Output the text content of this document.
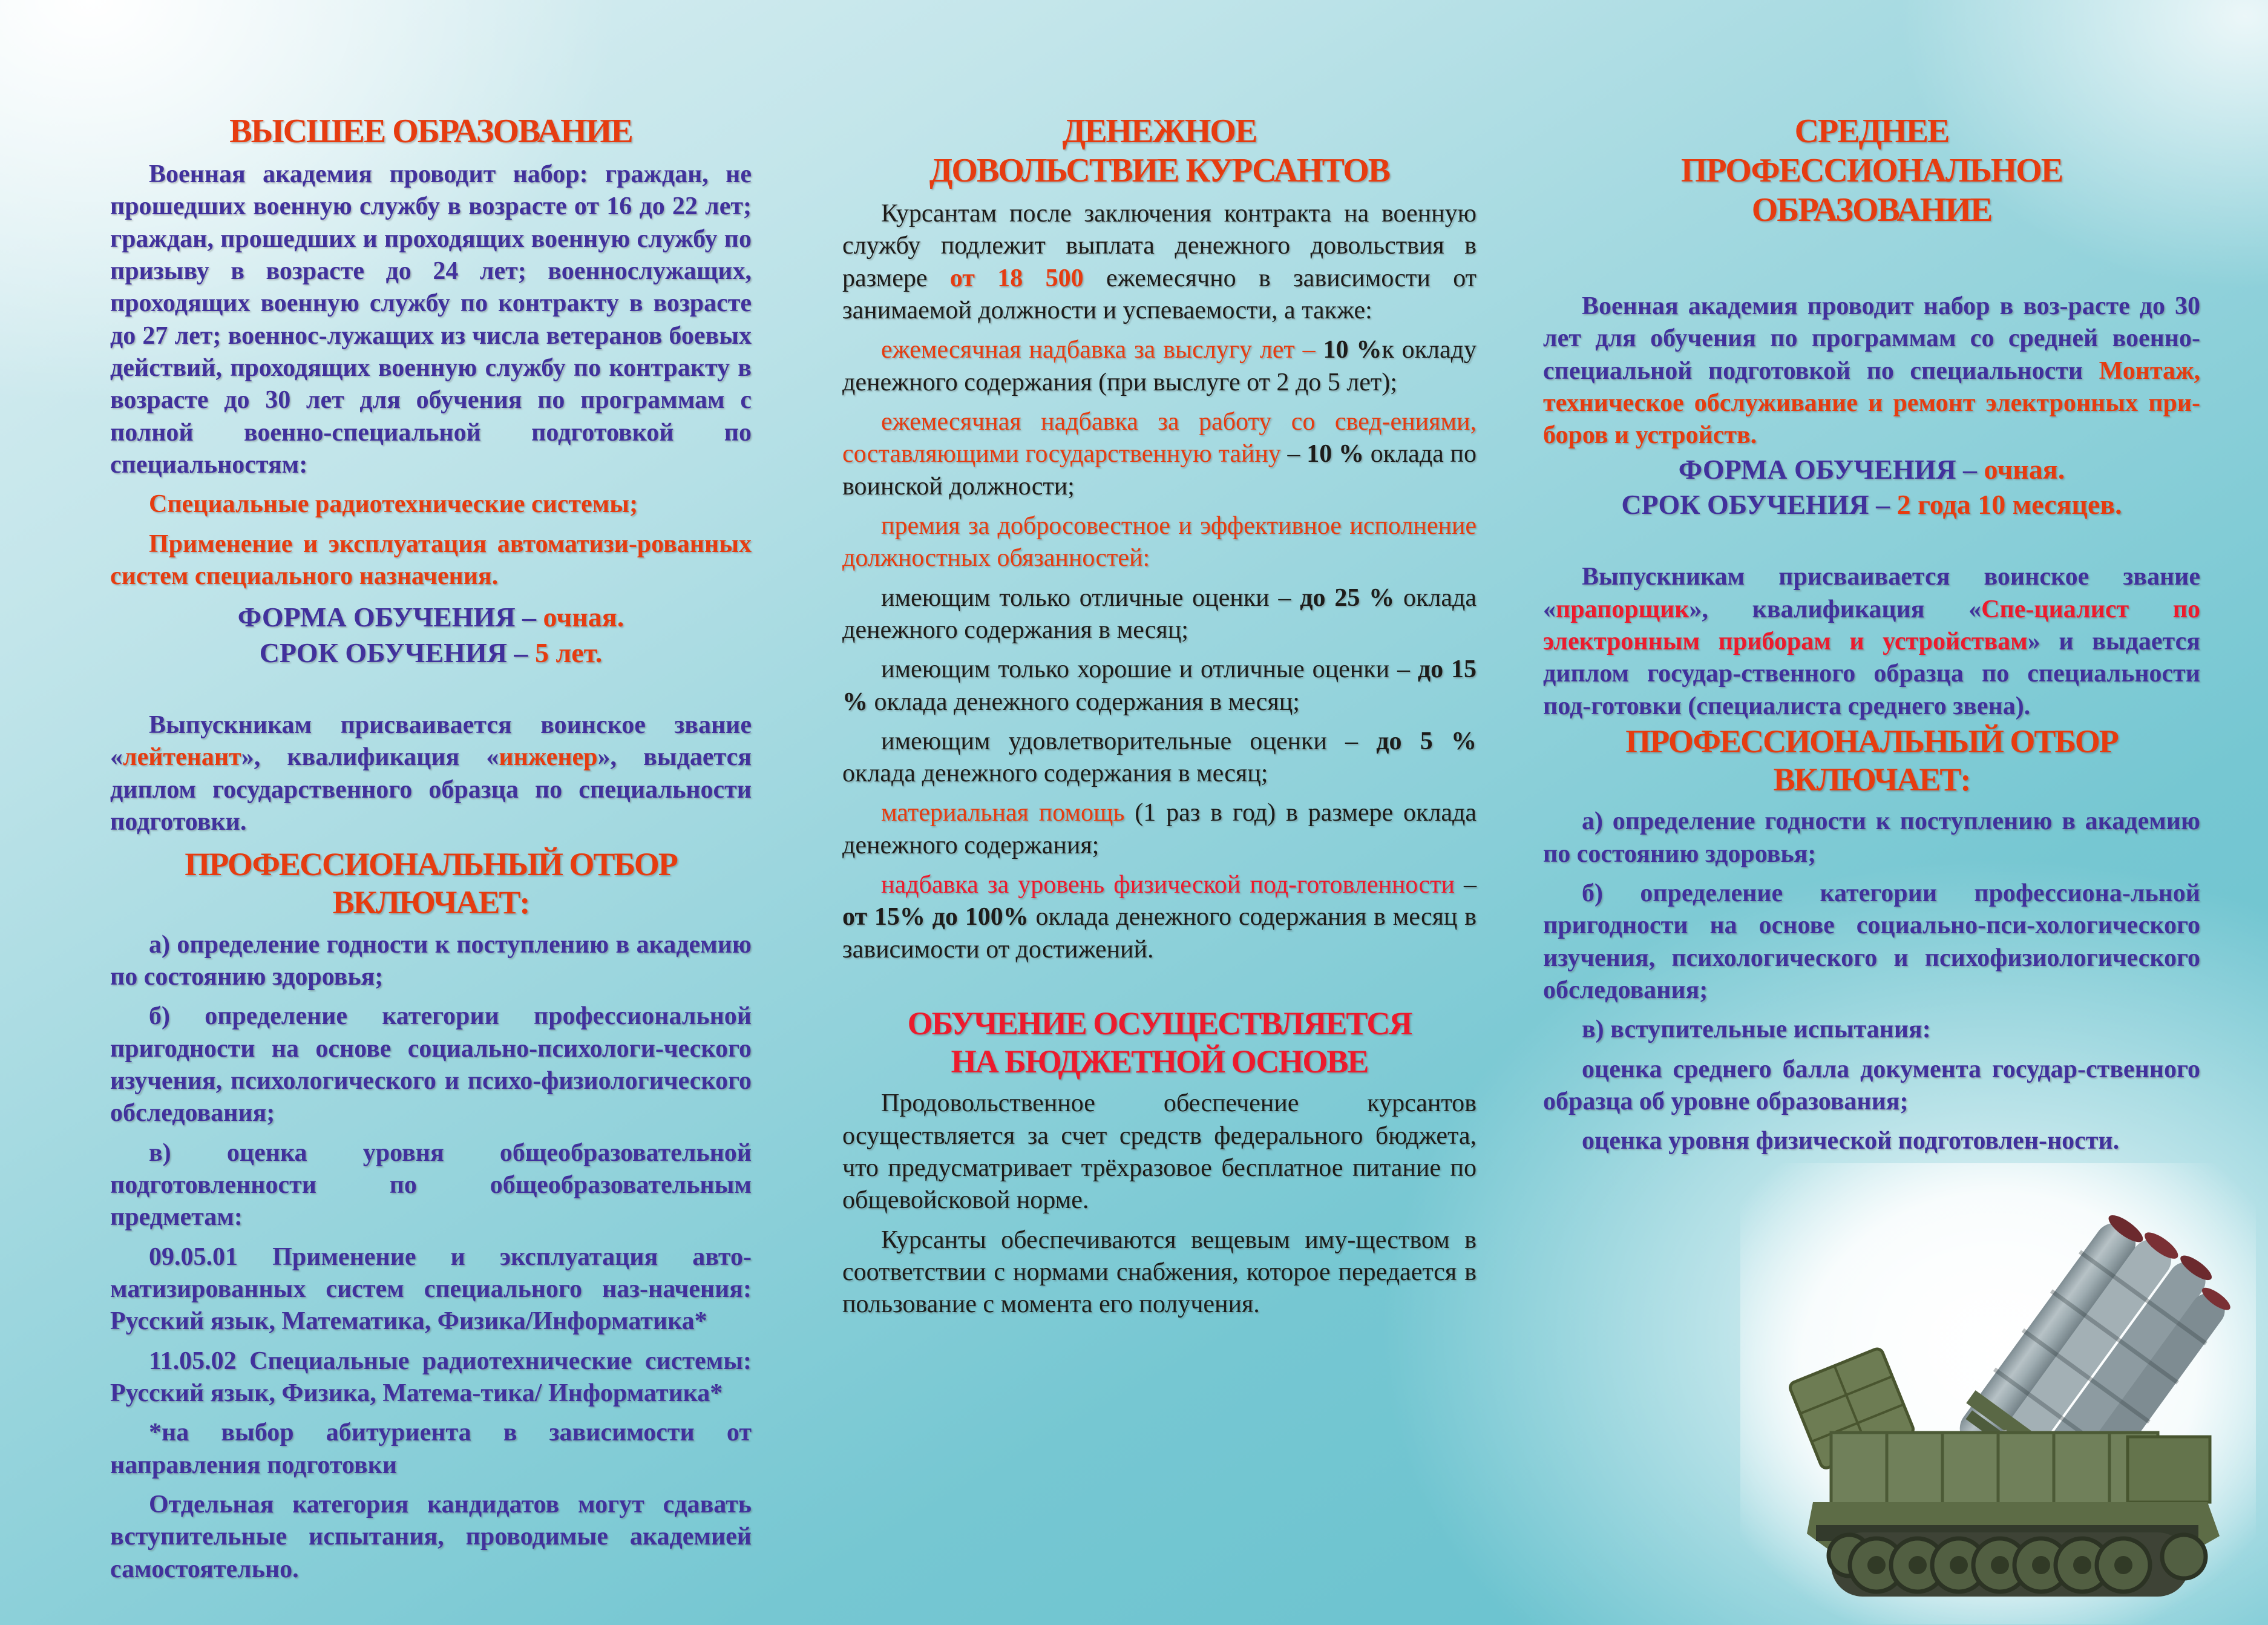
ВЫСШЕЕ ОБРАЗОВАНИЕ

Военная академия проводит набор: граждан, не прошедших военную службу в возрасте от 16 до 22 лет; граждан, прошедших и проходящих военную службу по призыву в возрасте до 24 лет; военнослужащих, проходящих военную службу по контракту в возрасте до 27 лет; военнос-лужащих из числа ветеранов боевых действий, проходящих военную службу по контракту в возрасте до 30 лет для обучения по программам с полной военно-специальной подготовкой по специальностям:

Специальные радиотехнические системы;

Применение и эксплуатация автоматизи-рованных систем специального назначения.

ФОРМА ОБУЧЕНИЯ – очная.

СРОК ОБУЧЕНИЯ – 5 лет.

Выпускникам присваивается воинское звание «лейтенант», квалификация «инженер», выдается диплом государственного образца по специальности подготовки.

ПРОФЕССИОНАЛЬНЫЙ ОТБОР ВКЛЮЧАЕТ:

а) определение годности к поступлению в академию по состоянию здоровья;

б) определение категории профессиональной пригодности на основе социально-психологи-ческого изучения, психологического и психо-физиологического обследования;

в) оценка уровня общеобразовательной подготовленности по общеобразовательным предметам:

09.05.01 Применение и эксплуатация авто-матизированных систем специального наз-начения: Русский язык, Математика, Физика/Информатика*

11.05.02 Специальные радиотехнические системы: Русский язык, Физика, Матема-тика/ Информатика*

*на выбор абитуриента в зависимости от направления подготовки

Отдельная категория кандидатов могут сдавать вступительные испытания, проводимые академией самостоятельно.

ДЕНЕЖНОЕ
ДОВОЛЬСТВИЕ КУРСАНТОВ

Курсантам после заключения контракта на военную службу подлежит выплата денежного довольствия в размере от 18 500 ежемесячно в зависимости от занимаемой должности и успеваемости, а также:

ежемесячная надбавка за выслугу лет – 10 %к окладу денежного содержания (при выслуге от 2 до 5 лет);

ежемесячная надбавка за работу со свед-ениями, составляющими государственную тайну – 10 % оклада по воинской должности;

премия за добросовестное и эффективное исполнение должностных обязанностей:

имеющим только отличные оценки – до 25 % оклада денежного содержания в месяц;

имеющим только хорошие и отличные оценки – до 15 % оклада денежного содержания в месяц;

имеющим удовлетворительные оценки – до 5 % оклада денежного содержания в месяц;

материальная помощь (1 раз в год) в размере оклада денежного содержания;

надбавка за уровень физической под-готовленности – от 15% до 100% оклада денежного содержания в месяц в зависимости от достижений.

ОБУЧЕНИЕ ОСУЩЕСТВЛЯЕТСЯ
НА БЮДЖЕТНОЙ ОСНОВЕ

Продовольственное обеспечение курсантов осуществляется за счет средств федерального бюджета, что предусматривает трёхразовое бесплатное питание по общевойсковой норме.

Курсанты обеспечиваются вещевым иму-ществом в соответствии с нормами снабжения, которое передается в пользование с момента его получения.

СРЕДНЕЕ
ПРОФЕССИОНАЛЬНОЕ
ОБРАЗОВАНИЕ

Военная академия проводит набор в воз-расте до 30 лет для обучения по программам со средней военно-специальной подготовкой по специальности Монтаж, техническое обслуживание и ремонт электронных при-боров и устройств.

ФОРМА ОБУЧЕНИЯ – очная.

СРОК ОБУЧЕНИЯ – 2 года 10 месяцев.

Выпускникам присваивается воинское звание «прапорщик», квалификация «Спе-циалист по электронным приборам и устройствам» и выдается диплом государ-ственного образца по специальности под-готовки (специалиста среднего звена).

ПРОФЕССИОНАЛЬНЫЙ ОТБОР ВКЛЮЧАЕТ:

а) определение годности к поступлению в академию по состоянию здоровья;

б) определение категории профессиона-льной пригодности на основе социально-пси-хологического изучения, психологического и психофизиологического обследования;

в) вступительные испытания:

оценка среднего балла документа государ-ственного образца об уровне образования;

оценка уровня физической подготовлен-ности.
